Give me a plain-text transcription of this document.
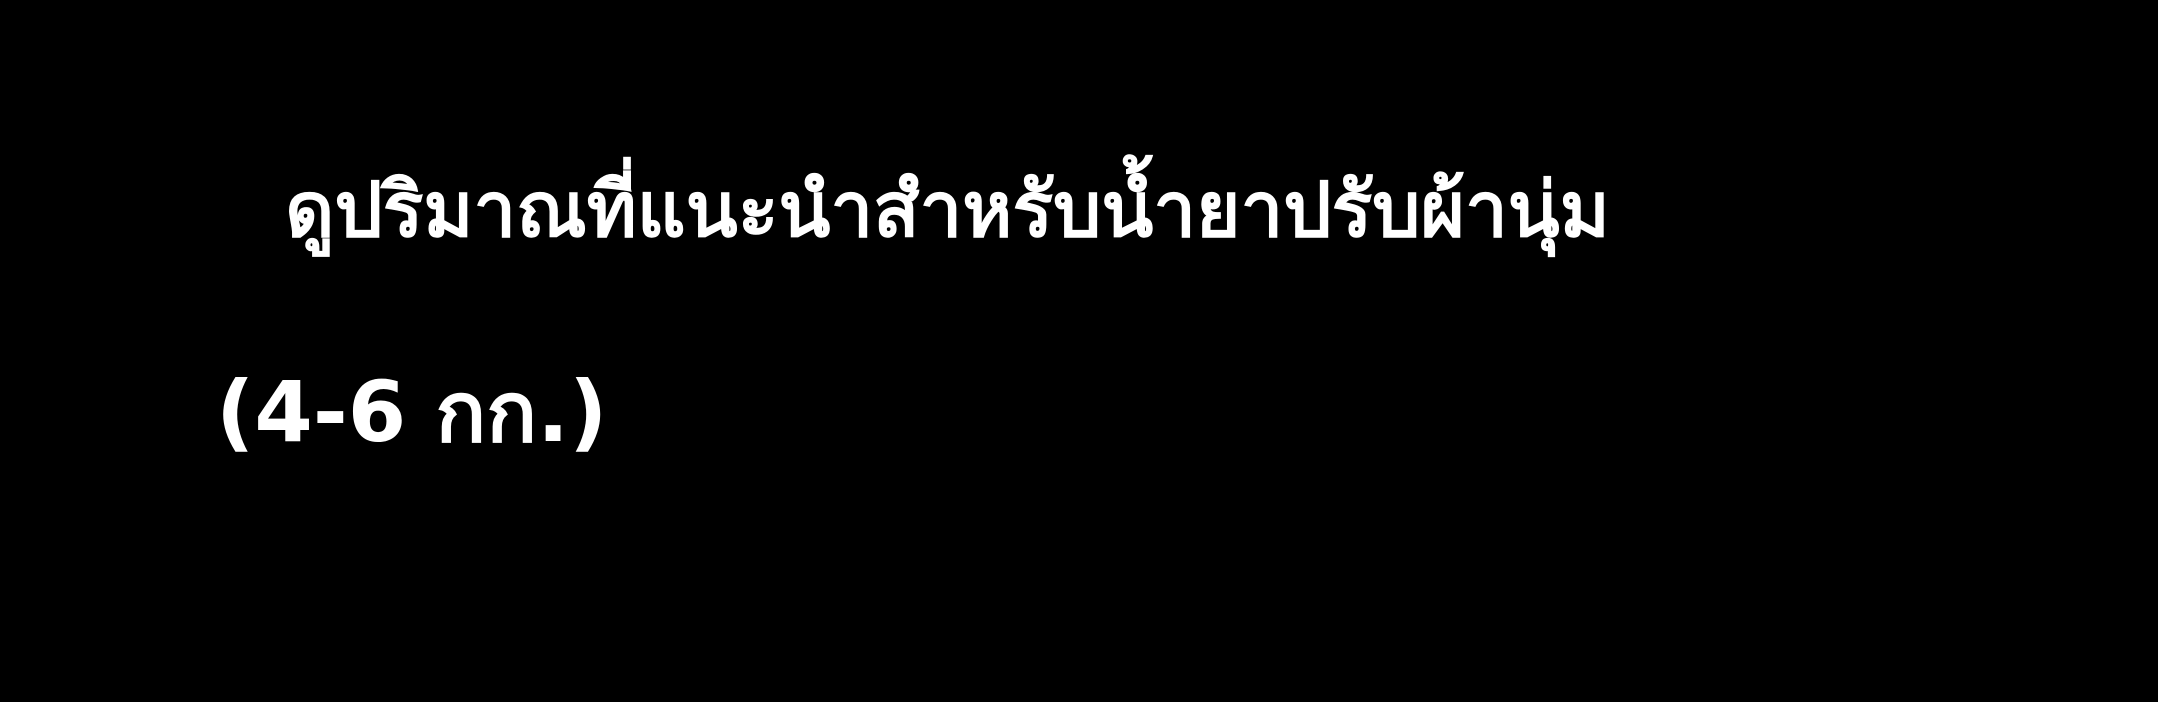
ดูปริมาณที่แนะนำสำหรับน้ำยาปรับผ้านุ่ม
(4-6 กก.)
